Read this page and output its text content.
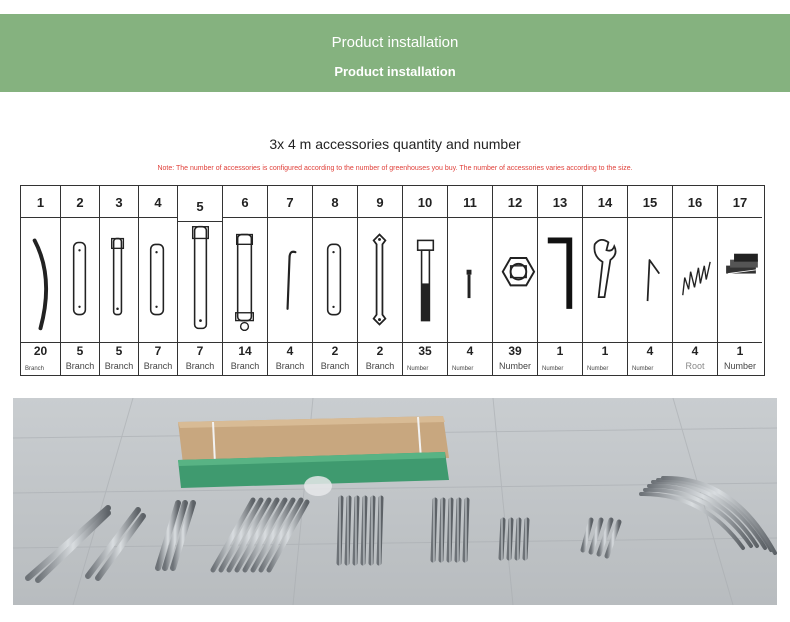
Product installation
Product installation
3x 4 m accessories quantity and number
Note: The number of accessories is configured according to the number of greenhouses you buy. The number of accessories varies according to the size.
1
20
Branch
2
5
Branch
3
5
Branch
4
7
Branch
5
7
Branch
6
14
Branch
7
4
Branch
8
2
Branch
9
2
Branch
10
35
Number
11
4
Number
12
39
Number
13
1
Number
14
1
Number
15
4
Number
16
4
Root
17
1
Number
